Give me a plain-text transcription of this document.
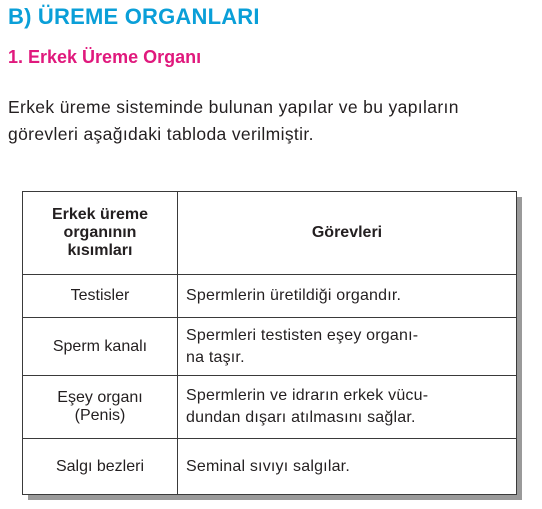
B) ÜREME ORGANLARI
1. Erkek Üreme Organı

Erkek üreme sisteminde bulunan yapılar ve bu yapıların
görevleri aşağıdaki tabloda verilmiştir.

Erkek üreme
organının
kısımları	Görevleri

Testisler	Spermlerin üretildiği organdır.

Sperm kanalı	Spermleri testisten eşey organı-
na taşır.

Eşey organı
(Penis)	Spermlerin ve idrarın erkek vücu-
dundan dışarı atılmasını sağlar.

Salgı bezleri	Seminal sıvıyı salgılar.
